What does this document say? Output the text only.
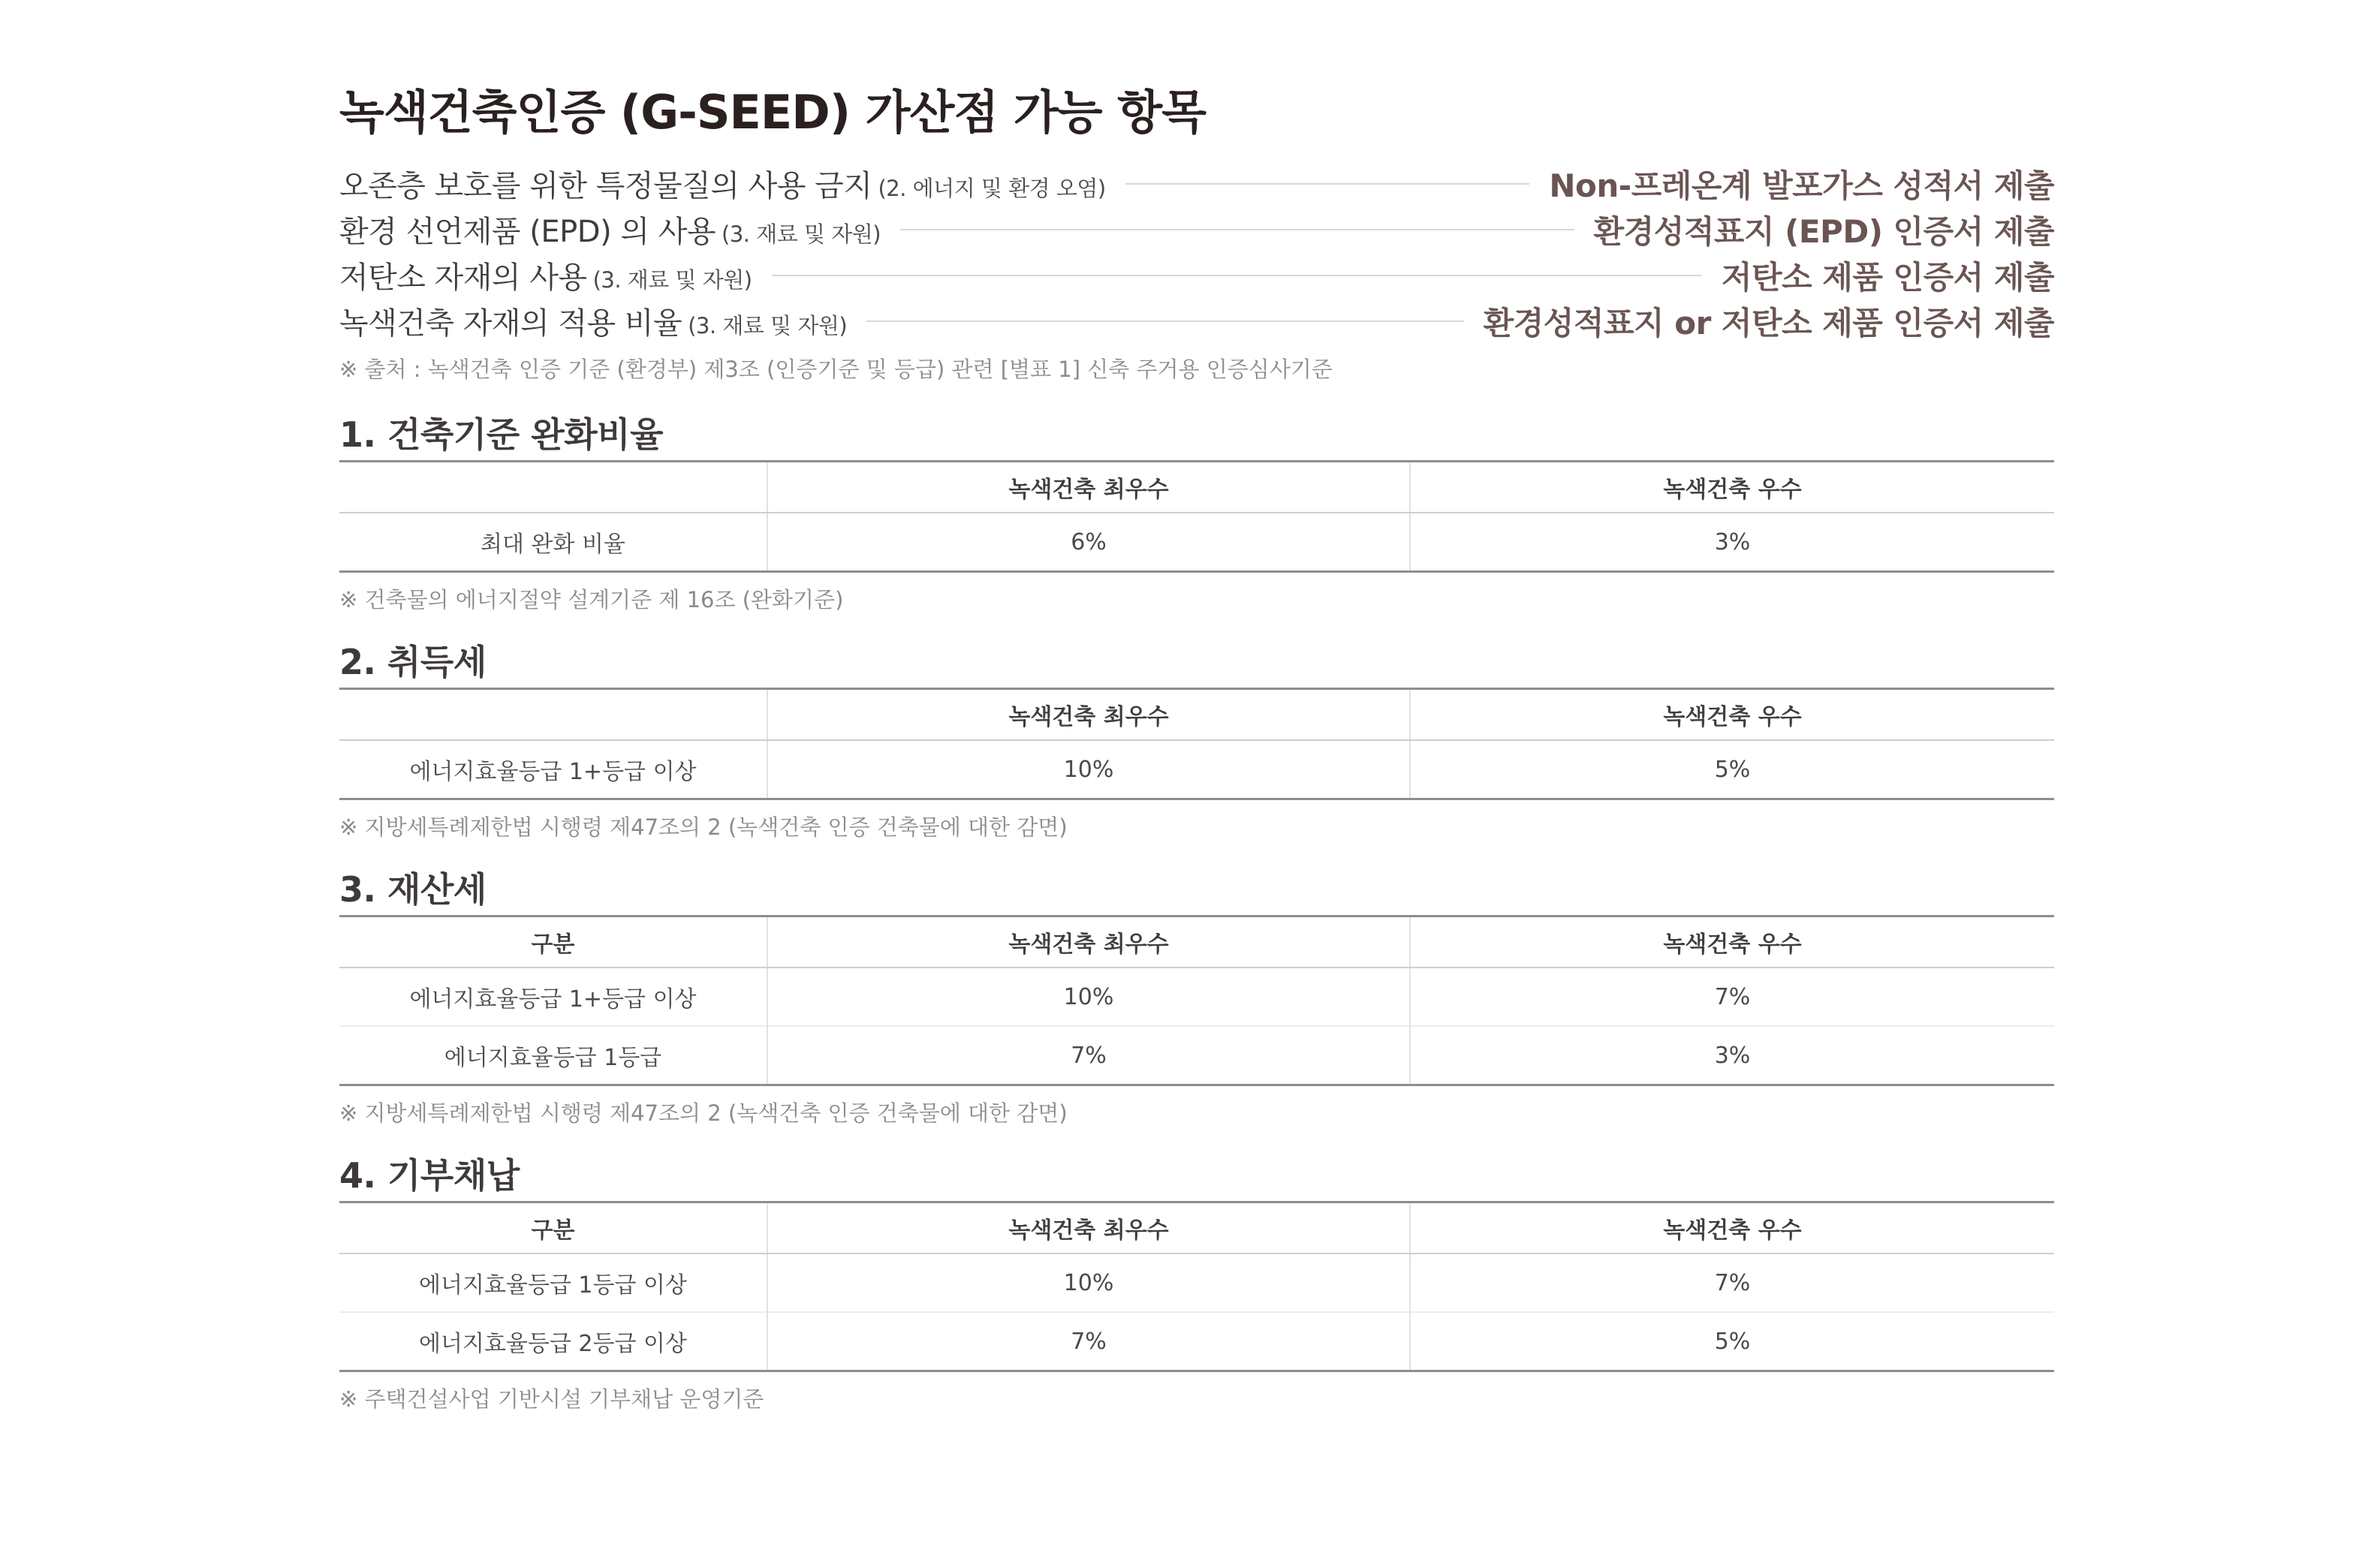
녹색건축인증 (G-SEED) 가산점 가능 항목
오존층 보호를 위한 특정물질의 사용 금지 (2. 에너지 및 환경 오염)	Non-프레온계 발포가스 성적서 제출
환경 선언제품 (EPD) 의 사용 (3. 재료 및 자원)	환경성적표지 (EPD) 인증서 제출
저탄소 자재의 사용 (3. 재료 및 자원)	저탄소 제품 인증서 제출
녹색건축 자재의 적용 비율 (3. 재료 및 자원)	환경성적표지 or 저탄소 제품 인증서 제출
※ 출처 : 녹색건축 인증 기준 (환경부) 제3조 (인증기준 및 등급) 관련 [별표 1] 신축 주거용 인증심사기준
1. 건축기준 완화비율
	녹색건축 최우수	녹색건축 우수
최대 완화 비율	6%	3%
※ 건축물의 에너지절약 설계기준 제 16조 (완화기준)
2. 취득세
	녹색건축 최우수	녹색건축 우수
에너지효율등급 1+등급 이상	10%	5%
※ 지방세특례제한법 시행령 제47조의 2 (녹색건축 인증 건축물에 대한 감면)
3. 재산세
구분	녹색건축 최우수	녹색건축 우수
에너지효율등급 1+등급 이상	10%	7%
에너지효율등급 1등급	7%	3%
※ 지방세특례제한법 시행령 제47조의 2 (녹색건축 인증 건축물에 대한 감면)
4. 기부채납
구분	녹색건축 최우수	녹색건축 우수
에너지효율등급 1등급 이상	10%	7%
에너지효율등급 2등급 이상	7%	5%
※ 주택건설사업 기반시설 기부채납 운영기준
